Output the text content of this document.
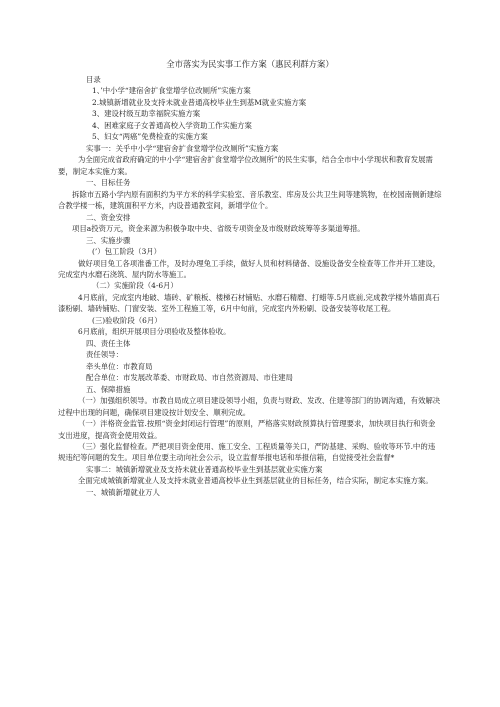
全市落实为民实事工作方案（惠民利群方案）
目录
1、’中小学“建宿舍扩食堂增学位改厕所”实施方案
2.城镇新增就业及支持未就业普通高校毕业生到基M就业实施方案
3、建设村级互助幸福院实施方案
4、困难家庭子女普通高校入学资助工作实施方案
5、妇女“两癌”免费检查的实施方案
实事一：关乎中小学“建宿舍扩食堂增学位改厕所”实施方案
为全面完成省政府确定的中小学“建宿舍扩食堂增学位改厕所”的民生实事，结合全市中小学现状和教育发展需要，制定本实施方案。
一、目标任务
拆除市五路小学内原有面积约为平方米的科学实验室、音乐教室、库房及公共卫生间等建筑物，在校园南侧新建综合教学楼一栋，建筑面积平方米，内设普通教室间，新增学位个。
二、资金安排
项目a投资万元，资金来源为积极争取中央、省级专项资金及市级财政统筹等多渠道筹措。
三、实施步骤
(’）包工阶段（3月）
做好项目兔工各项准番工作，及时办理兔工手续，做好人员和材料储备、设施设备安全检查等工作并开工建设，完成室内水磨石浇筑、屋内防水等施工。
（二）实施阶段（4-6月）
4月底前，完成室内地破、墙砖、矿粮板、楼梯石材铺贴、水磨石精磨、打蜡等.5月底前,完成教学楼外墙面真石漆粉刷、墙砖铺贴、门窗安装、室外工程施工等，6月中旬前，完成室内外粉刷、设备安装等收尾工程。
(三)验收阶段（6月）
6月底前，组织开展项目分项验收及整体验收。
四、责任主体
责任领导：
牵头单位：市教育局
配合单位：市发展改革委、市财政局、市自然资源局、市住建局
五、保障措施
（一）加强组织领导。市教自局成立项目建设领导小组，负责与财政、发改、住建等部门的协调沟通，有效解决过程中出现的问题，确保项目建设按计划安全、顺利完成。
（一）泮格资金监管.按照“资金封闭运行管理”的原则，严格落实财政预算执行管理要求，加快项目执行和资金支出进度，提高资金使用效益。
（三）强化监督检查。严把项目资金使用、施工安全、工程质量等关口，严防基建、采购、验收等环节.中的违规违纪等问题的发生。项目单位要主动向社会公示，设立监督举报电话和举报信箱，自觉接受社会监督*
实事二：城镇新增就业及支持未就业普通高校毕业生到基层就业实施方案
全面完成城镇新增就业人及支持未就业普通高校毕业生到基层就业的目标任务，结合实际，制定本实施方案。
一、城镇新增就业万人
